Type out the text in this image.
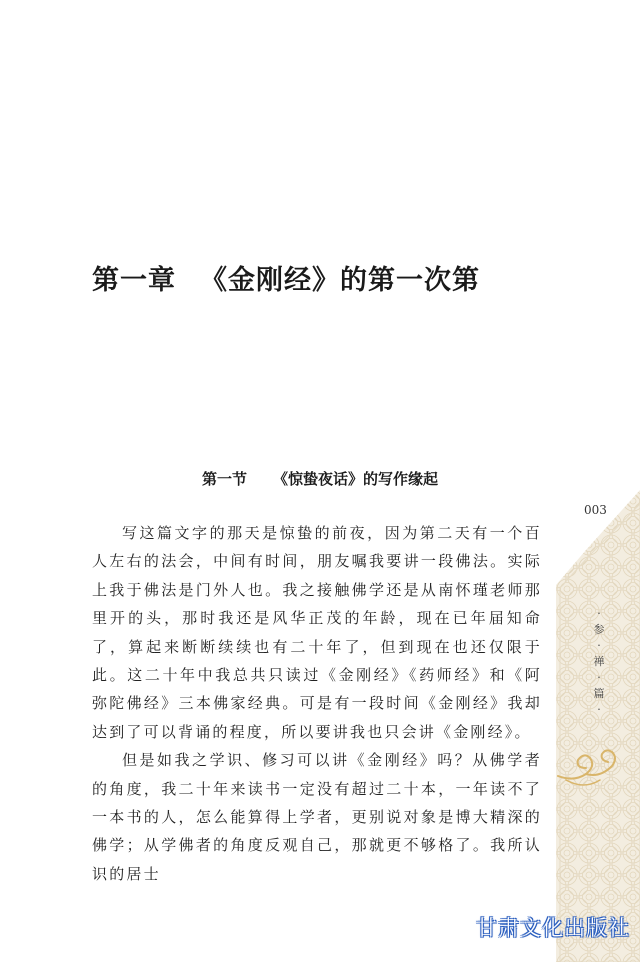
第一章 《金刚经》的第一次第
第一节 《惊蛰夜话》的写作缘起
003
·
参
·
禅
·
篇
·

写这篇文字的那天是惊蛰的前夜，因为第二天有一个百人左右的法会，中间有时间，朋友嘱我要讲一段佛法。实际上我于佛法是门外人也。我之接触佛学还是从南怀瑾老师那里开的头，那时我还是风华正茂的年龄，现在已年届知命了，算起来断断续续也有二十年了，但到现在也还仅限于此。这二十年中我总共只读过《金刚经》《药师经》和《阿弥陀佛经》三本佛家经典。可是有一段时间《金刚经》我却达到了可以背诵的程度，所以要讲我也只会讲《金刚经》。

但是如我之学识、修习可以讲《金刚经》吗？从佛学者的角度，我二十年来读书一定没有超过二十本，一年读不了一本书的人，怎么能算得上学者，更别说对象是博大精深的佛学；从学佛者的角度反观自己，那就更不够格了。我所认识的居士

甘肃文化出版社
